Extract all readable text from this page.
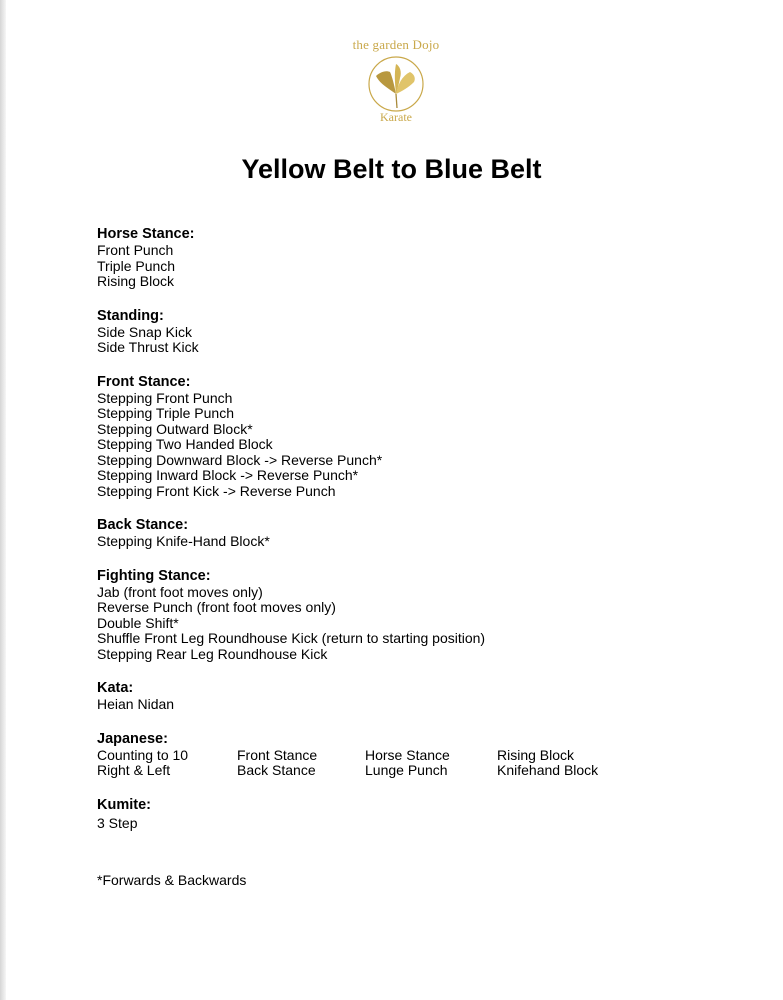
the garden Dojo
Karate
Yellow Belt to Blue Belt

Horse Stance:

Front Punch

Triple Punch

Rising Block

Standing:

Side Snap Kick

Side Thrust Kick

Front Stance:

Stepping Front Punch

Stepping Triple Punch

Stepping Outward Block*

Stepping Two Handed Block

Stepping Downward Block -> Reverse Punch*

Stepping Inward Block -> Reverse Punch*

Stepping Front Kick -> Reverse Punch

Back Stance:

Stepping Knife-Hand Block*

Fighting Stance:

Jab (front foot moves only)

Reverse Punch (front foot moves only)

Double Shift*

Shuffle Front Leg Roundhouse Kick (return to starting position)

Stepping Rear Leg Roundhouse Kick

Kata:

Heian Nidan

Japanese:

Counting to 10	Front Stance	Horse Stance	Rising Block
Right & Left	Back Stance	Lunge Punch	Knifehand Block

Kumite:

3 Step

*Forwards & Backwards
